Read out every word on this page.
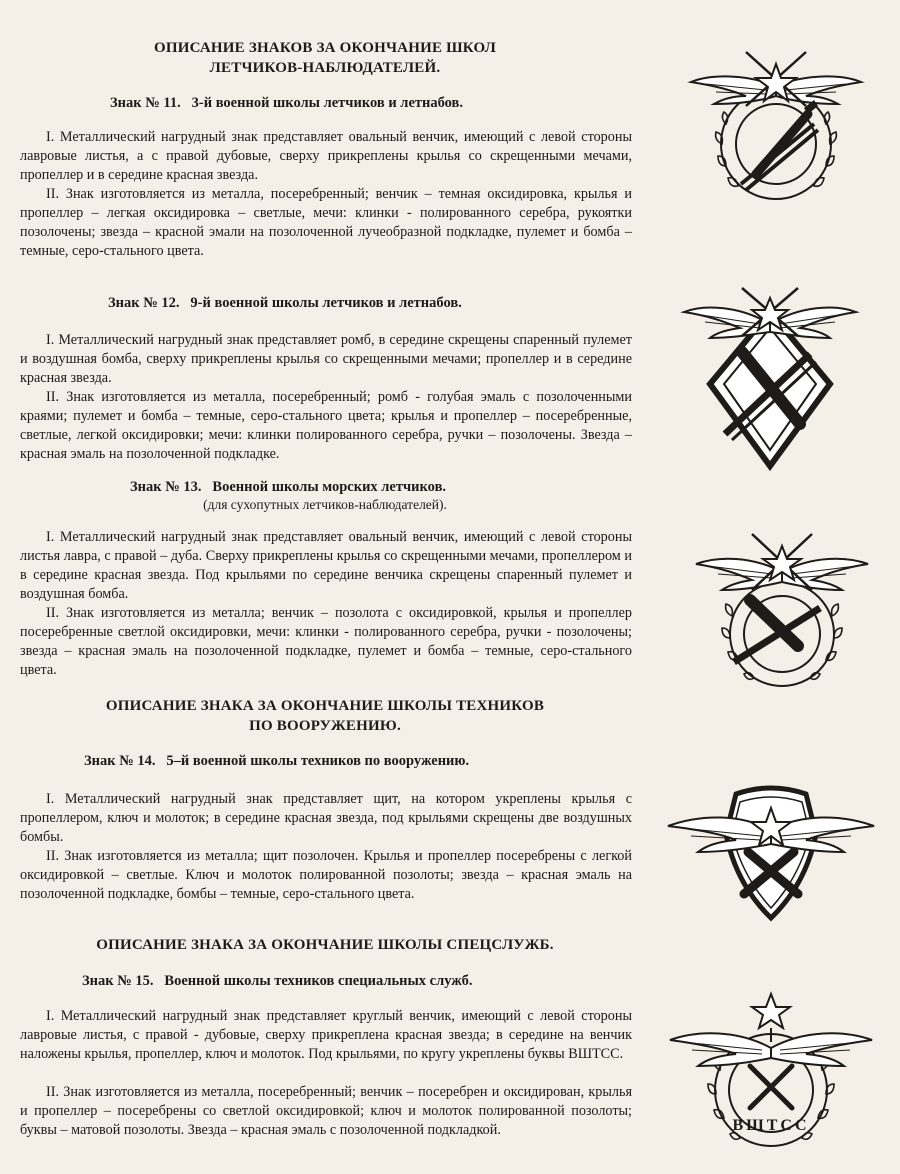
ОПИСАНИЕ ЗНАКОВ ЗА ОКОНЧАНИЕ ШКОЛ
ЛЕТЧИКОВ-НАБЛЮДАТЕЛЕЙ.
Знак № 11.   3-й военной школы летчиков и летнабов.

I. Металлический нагрудный знак представляет овальный венчик, имеющий с левой стороны лавровые листья, а с правой дубовые, сверху прикреплены крылья со скрещенными мечами, пропеллер и в середине красная звезда.

II. Знак изготовляется из металла, посеребренный; венчик – темная оксидировка, крылья и пропеллер – легкая оксидировка – светлые, мечи: клинки - полированного серебра, рукоятки позолочены; звезда – красной эмали на позолоченной лучеобразной подкладке, пулемет и бомба – темные, серо-стального цвета.

Знак № 12.   9-й военной школы летчиков и летнабов.

I. Металлический нагрудный знак представляет ромб, в середине скрещены спаренный пулемет и воздушная бомба, сверху прикреплены крылья со скрещенными мечами; пропеллер и в середине красная звезда.

II. Знак изготовляется из металла, посеребренный; ромб - голубая эмаль с позолоченными краями; пулемет и бомба – темные, серо-стального цвета; крылья и пропеллер – посеребренные, светлые, легкой оксидировки; мечи: клинки полированного серебра, ручки – позолочены. Звезда – красная эмаль на позолоченной подкладке.

Знак № 13.   Военной школы морских летчиков.
(для сухопутных летчиков-наблюдателей).

I. Металлический нагрудный знак представляет овальный венчик, имеющий с левой стороны листья лавра, с правой – дуба. Сверху прикреплены крылья со скрещенными мечами, пропеллером и в середине красная звезда. Под крыльями по середине венчика скрещены спаренный пулемет и воздушная бомба.

II. Знак изготовляется из металла; венчик – позолота с оксидировкой, крылья и пропеллер посеребренные светлой оксидировки, мечи: клинки - полированного серебра, ручки - позолочены; звезда – красная эмаль на позолоченной подкладке, пулемет и бомба – темные, серо-стального цвета.

ОПИСАНИЕ ЗНАКА ЗА ОКОНЧАНИЕ ШКОЛЫ ТЕХНИКОВ
ПО ВООРУЖЕНИЮ.
Знак № 14.   5–й военной школы техников по вооружению.

I. Металлический нагрудный знак представляет щит, на котором укреплены крылья с пропеллером, ключ и молоток; в середине красная звезда, под крыльями скрещены две воздушных бомбы.

II. Знак изготовляется из металла; щит позолочен. Крылья и пропеллер посеребрены с легкой оксидировкой – светлые. Ключ и молоток полированной позолоты; звезда – красная эмаль на позолоченной подкладке, бомбы – темные, серо-стального цвета.

ОПИСАНИЕ ЗНАКА ЗА ОКОНЧАНИЕ ШКОЛЫ СПЕЦСЛУЖБ.
Знак № 15.   Военной школы техников специальных служб.

I. Металлический нагрудный знак представляет круглый венчик, имеющий с левой стороны лавровые листья, с правой - дубовые, сверху прикреплена красная звезда; в середине на венчик наложены крылья, пропеллер, ключ и молоток. Под крыльями, по кругу укреплены буквы ВШТСС.

II. Знак изготовляется из металла, посеребренный; венчик – посеребрен и оксидирован, крылья и пропеллер – посеребрены со светлой оксидировкой; ключ и молоток полированной позолоты; буквы – матовой позолоты. Звезда – красная эмаль с позолоченной подкладкой.	ВШТСС
